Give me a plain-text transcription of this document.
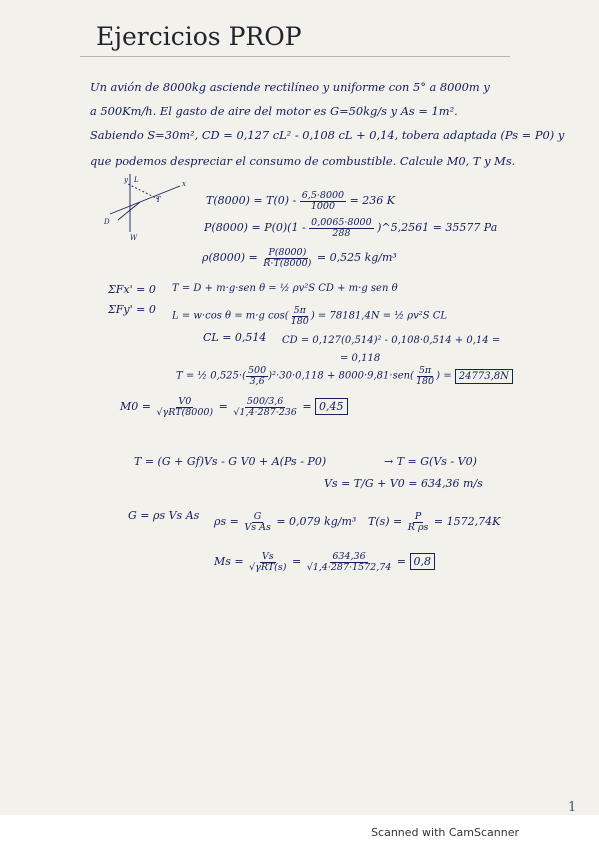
Ejercicios PROP
Un avión de 8000kg asciende rectilíneo y uniforme con 5° a 8000m y
a 500Km/h. El gasto de aire del motor es G=50kg/s y As = 1m².
Sabiendo S=30m², CD = 0,127 cL² - 0,108 cL + 0,14, tobera adaptada (Ps = P0) y
que podemos despreciar el consumo de combustible. Calcule M0, T y Ms.
y L	x
T
D
W
$T(8000) = T(0) - \frac{6,5\cdot 8000}{1000} = 236$ K
$P(8000) = P(0)(1 - \frac{0,0065\cdot 8000}{288}$ )^5,2561 = 35577 Pa
$\rho(8000) = \frac{P(8000)}{R\cdot T(8000)} = 0,525$ kg/m³
ΣFx' = 0
ΣFy' = 0
T = D + m·g·sen θ = ½ ρv²S CD + m·g sen θ
L = w·cos θ = m·g $\cos( \frac{5\pi}{180}$ ) = 78181,4N = ½ ρv²S CL
CL = 0,514 CD = 0,127(0,514)² - 0,108·0,514 + 0,14 =
= 0,118
T = ½ $0,525\cdot( \frac{500}{3,6} )^2\cdot 30\cdot 0,118 + 8000\cdot 9,81\cdot sen( \frac{5\pi}{180}$ ) = 24773,8N
$M0 = \frac{V0}{\text{√γRT(8000)}} = \frac{500/3,6}{√1,4\cdot 287\cdot 236} = 0,45$
T = (G + Gf)Vs - G V0 + A(Ps - P0)	→ T = G(Vs - V0)
Vs = T/G + V0 = 634,36 m/s
G = ρs Vs As $\rho s = \frac{G}{\text{Vs As}} = 0,079$ kg/m³ $T(s) = \frac{P}{\text{R ρs}} = 1572,74K$
$Ms = \frac{Vs}{\text{√γRT(s)}} = \frac{634,36}{√1,4\cdot 287\cdot 1572,74} = 0,8$
1
Scanned with CamScanner
